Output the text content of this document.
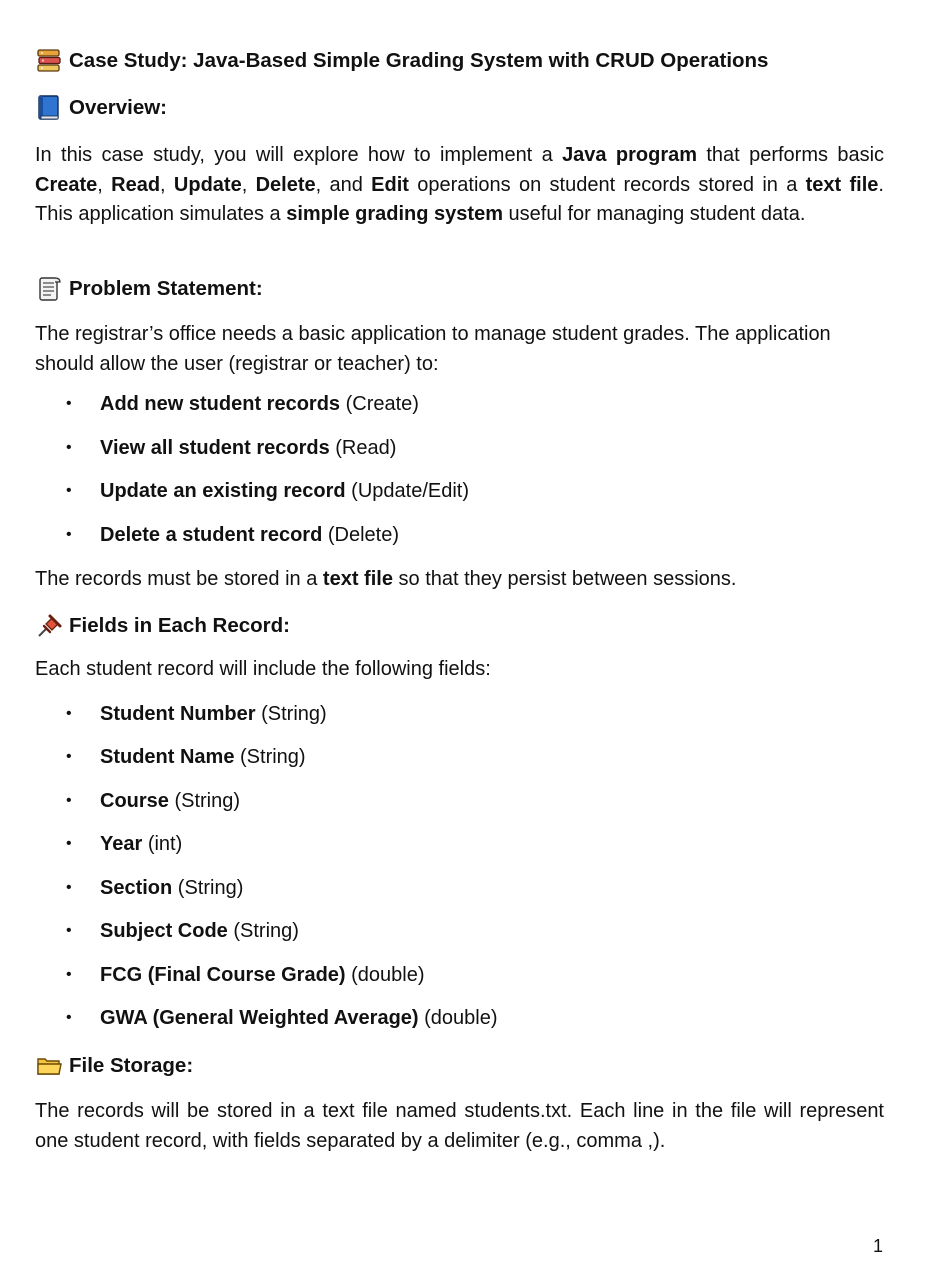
Case Study: Java-Based Simple Grading System with CRUD Operations
Overview:
In this case study, you will explore how to implement a Java program that performs basic Create, Read, Update, Delete, and Edit operations on student records stored in a text file. This application simulates a simple grading system useful for managing student data.
Problem Statement:
The registrar’s office needs a basic application to manage student grades. The application should allow the user (registrar or teacher) to:
• Add new student records (Create)
• View all student records (Read)
• Update an existing record (Update/Edit)
• Delete a student record (Delete)
The records must be stored in a text file so that they persist between sessions.
Fields in Each Record:
Each student record will include the following fields:
• Student Number (String)
• Student Name (String)
• Course (String)
• Year (int)
• Section (String)
• Subject Code (String)
• FCG (Final Course Grade) (double)
• GWA (General Weighted Average) (double)
File Storage:
The records will be stored in a text file named students.txt. Each line in the file will represent one student record, with fields separated by a delimiter (e.g., comma ,).
1
